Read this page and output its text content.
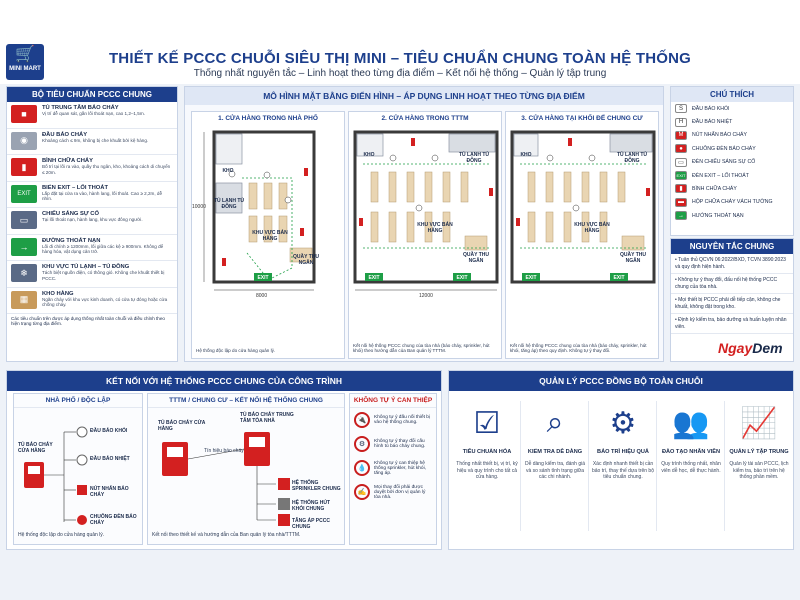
🛒
MINI MART
THIẾT KẾ PCCC CHUỖI SIÊU THỊ MINI – TIÊU CHUẨN CHUNG TOÀN HỆ THỐNG
Thống nhất nguyên tắc – Linh hoạt theo từng địa điểm – Kết nối hệ thống – Quản lý tập trung
BỘ TIÊU CHUẨN PCCC CHUNG
■
TỦ TRUNG TÂM BÁO CHÁY
Vị trí dễ quan sát, gần lối thoát nạn, cao 1,2–1,5m.
◉
ĐẦU BÁO CHÁY
Khoảng cách ≤ 9m, không bị che khuất bởi kệ hàng.
▮
BÌNH CHỮA CHÁY
Bố trí tại lối ra vào, quầy thu ngân, kho, khoảng cách di chuyển ≤ 20m.
EXIT
BIỂN EXIT – LỐI THOÁT
Lắp đặt tại cửa ra vào, hành lang, lối thoát. Cao ≥ 2,2m, dễ nhìn.
▭
CHIẾU SÁNG SỰ CỐ
Tại lối thoát nạn, hành lang, khu vực đông người.
→
ĐƯỜNG THOÁT NẠN
Lối đi chính ≥ 1200mm, lối giữa các kệ ≥ 900mm. Không để hàng hóa, vật dụng cản trở.
❄
KHU VỰC TỦ LẠNH – TỦ ĐÔNG
Tách biệt nguồn điện, có thông gió. Không che khuất thiết bị PCCC.
▦
KHO HÀNG
Ngăn cháy với khu vực kinh doanh, có cửa tự đóng hoặc cửa chống cháy.
Các tiêu chuẩn trên được áp dụng thống nhất toàn chuỗi và điều chỉnh theo hiện trạng từng địa điểm.
MÔ HÌNH MẶT BẰNG ĐIỂN HÌNH – ÁP DỤNG LINH HOẠT THEO TỪNG ĐỊA ĐIỂM
1. CỬA HÀNG TRONG NHÀ PHỐ
EXIT
KHO
TỦ LẠNH TỦ ĐÔNG
KHU VỰC BÁN HÀNG
QUẦY THU NGÂN
8000
10000
Hệ thống độc lập do cửa hàng quản lý.
2. CỬA HÀNG TRONG TTTM
EXIT	EXIT
KHO	TỦ LẠNH TỦ ĐÔNG
KHU VỰC BÁN HÀNG
QUẦY THU NGÂN
12000
Kết nối hệ thống PCCC chung của tòa nhà (báo cháy, sprinkler, hút khói) theo hướng dẫn của Ban quản lý TTTM.
3. CỬA HÀNG TẠI KHỐI ĐẾ CHUNG CƯ
EXIT	EXIT
KHO	TỦ LẠNH TỦ ĐÔNG
KHU VỰC BÁN HÀNG
QUẦY THU NGÂN
Kết nối hệ thống PCCC chung của tòa nhà (báo cháy, sprinkler, hút khói, tăng áp) theo quy định. Không tự ý thay đổi.
CHÚ THÍCH
S	ĐẦU BÁO KHÓI
H	ĐẦU BÁO NHIỆT
M	NÚT NHẤN BÁO CHÁY
●	CHUÔNG ĐÈN BÁO CHÁY
▭	ĐÈN CHIẾU SÁNG SỰ CỐ
EXIT	ĐÈN EXIT – LỐI THOÁT
▮	BÌNH CHỮA CHÁY
▬	HỘP CHỮA CHÁY VÁCH TƯỜNG
→	HƯỚNG THOÁT NẠN
NGUYÊN TẮC CHUNG
• Tuân thủ QCVN 06:2022/BXD, TCVN 3890:2023 và quy định hiện hành.
• Không tự ý thay đổi, đấu nối hệ thống PCCC chung của tòa nhà.
• Mọi thiết bị PCCC phải dễ tiếp cận, không che khuất, không đặt trong kho.
• Định kỳ kiểm tra, bảo dưỡng và huấn luyện nhân viên.
NgayDem
KẾT NỐI VỚI HỆ THỐNG PCCC CHUNG CỦA CÔNG TRÌNH
NHÀ PHỐ / ĐỘC LẬP
TỦ BÁO CHÁY CỬA HÀNG
ĐẦU BÁO KHÓI
ĐẦU BÁO NHIỆT
NÚT NHẤN BÁO CHÁY
CHUÔNG ĐÈN BÁO CHÁY
Hệ thống độc lập do cửa hàng quản lý.
TTTM / CHUNG CƯ – KẾT NỐI HỆ THỐNG CHUNG
TỦ BÁO CHÁY CỬA HÀNG
TỦ BÁO CHÁY TRUNG TÂM TÒA NHÀ
Tín hiệu báo cháy
HỆ THỐNG SPRINKLER CHUNG
HỆ THỐNG HÚT KHÓI CHUNG
TĂNG ÁP PCCC CHUNG
Kết nối theo thiết kế và hướng dẫn của Ban quản lý tòa nhà/TTTM.
KHÔNG TỰ Ý CAN THIỆP
🔌	Không tự ý đấu nối thiết bị vào hệ thống chung.
⚙	Không tự ý thay đổi cấu hình tủ báo cháy chung.
💧
Không tự ý can thiệp hệ thống sprinkler, hút khói, tăng áp.
✍
Mọi thay đổi phải được duyệt bởi đơn vị quản lý tòa nhà.
QUẢN LÝ PCCC ĐỒNG BỘ TOÀN CHUỖI
☑
TIÊU CHUẨN HÓA
Thống nhất thiết bị, vị trí, ký hiệu và quy trình cho tất cả cửa hàng.
⌕
KIỂM TRA DỄ DÀNG
Dễ dàng kiểm tra, đánh giá và so sánh tình trạng giữa các chi nhánh.
⚙
BẢO TRÌ HIỆU QUẢ
Xác định nhanh thiết bị cần bảo trì, thay thế dựa trên bộ tiêu chuẩn chung.
👥
ĐÀO TẠO NHÂN VIÊN
Quy trình thống nhất, nhân viên dễ học, dễ thực hành.
📈
QUẢN LÝ TẬP TRUNG
Quản lý tài sản PCCC, lịch kiểm tra, bảo trì trên hệ thống phần mềm.
